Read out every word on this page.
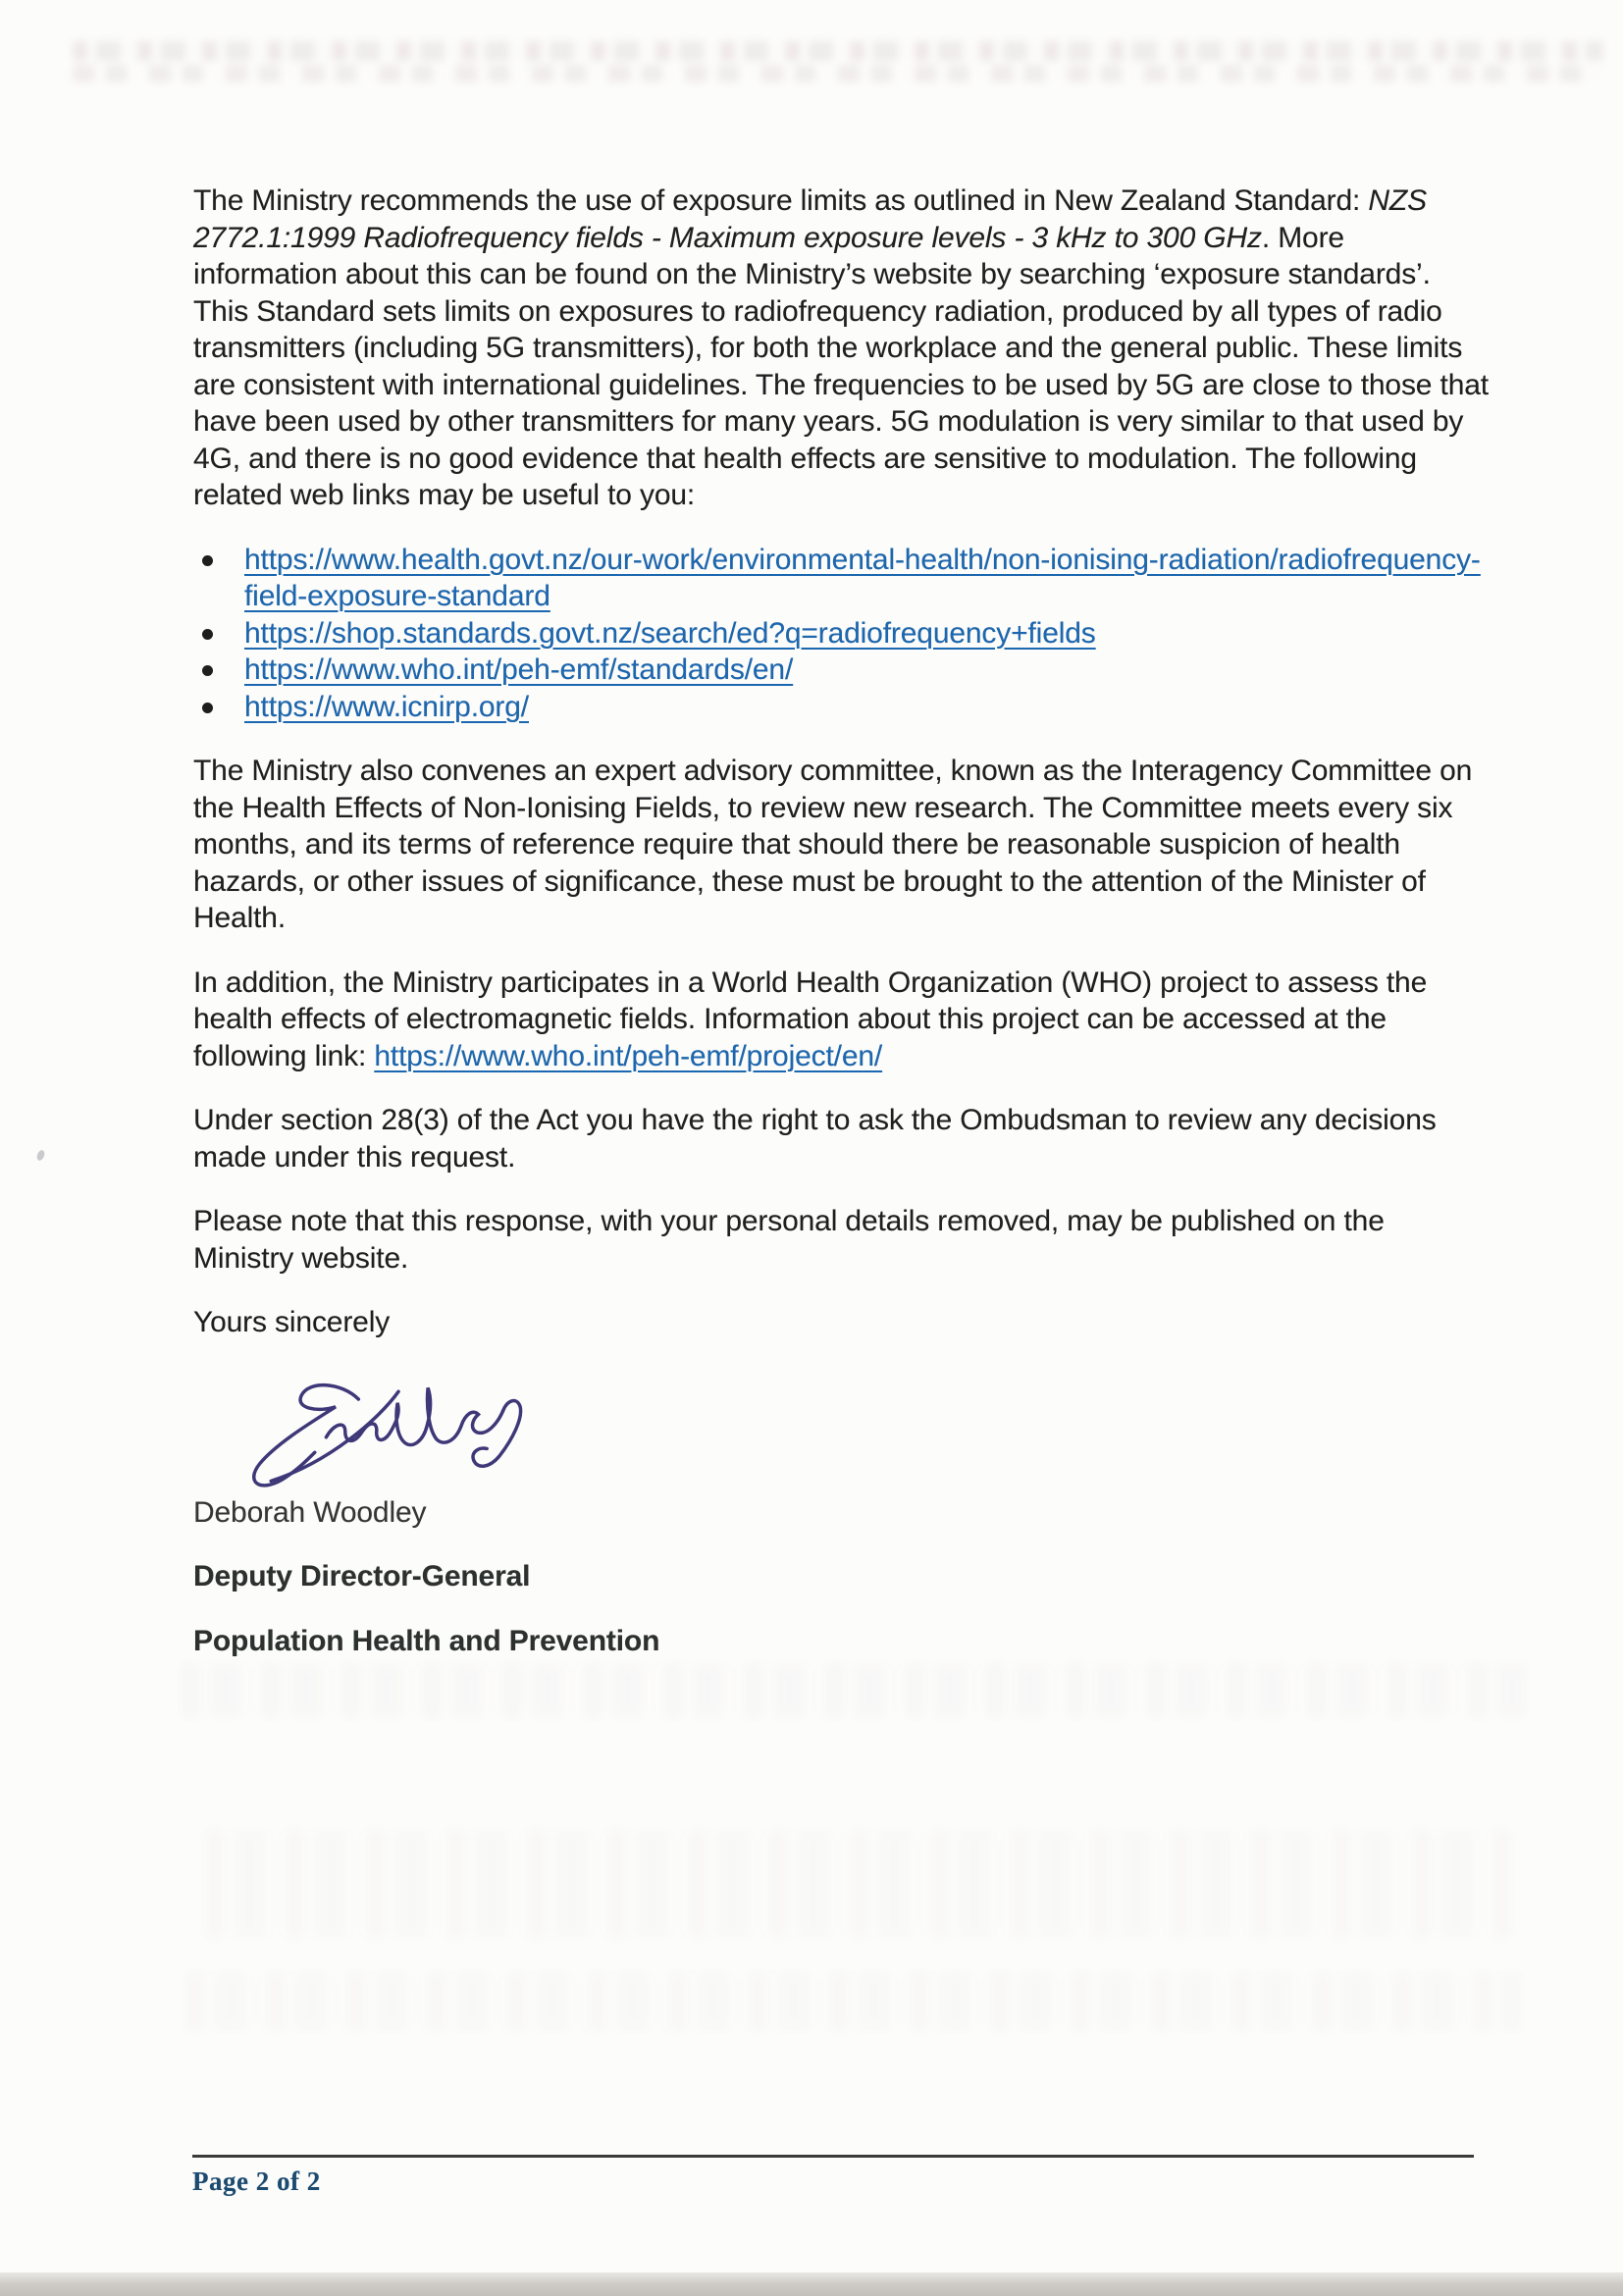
The Ministry recommends the use of exposure limits as outlined in New Zealand Standard: NZS 2772.1:1999 Radiofrequency fields - Maximum exposure levels - 3 kHz to 300 GHz. More information about this can be found on the Ministry’s website by searching ‘exposure standards’. This Standard sets limits on exposures to radiofrequency radiation, produced by all types of radio transmitters (including 5G transmitters), for both the workplace and the general public. These limits are consistent with international guidelines. The frequencies to be used by 5G are close to those that have been used by other transmitters for many years. 5G modulation is very similar to that used by 4G, and there is no good evidence that health effects are sensitive to modulation. The following related web links may be useful to you:

https://www.health.govt.nz/our-work/environmental-health/non-ionising-radiation/radiofrequency-field-exposure-standard
https://shop.standards.govt.nz/search/ed?q=radiofrequency+fields
https://www.who.int/peh-emf/standards/en/
https://www.icnirp.org/

The Ministry also convenes an expert advisory committee, known as the Interagency Committee on the Health Effects of Non-Ionising Fields, to review new research. The Committee meets every six months, and its terms of reference require that should there be reasonable suspicion of health hazards, or other issues of significance, these must be brought to the attention of the Minister of Health.

In addition, the Ministry participates in a World Health Organization (WHO) project to assess the health effects of electromagnetic fields. Information about this project can be accessed at the following link: https://www.who.int/peh-emf/project/en/

Under section 28(3) of the Act you have the right to ask the Ombudsman to review any decisions made under this request.

Please note that this response, with your personal details removed, may be published on the Ministry website.

Yours sincerely

Deborah Woodley

Deputy Director-General

Population Health and Prevention

Page 2 of 2
